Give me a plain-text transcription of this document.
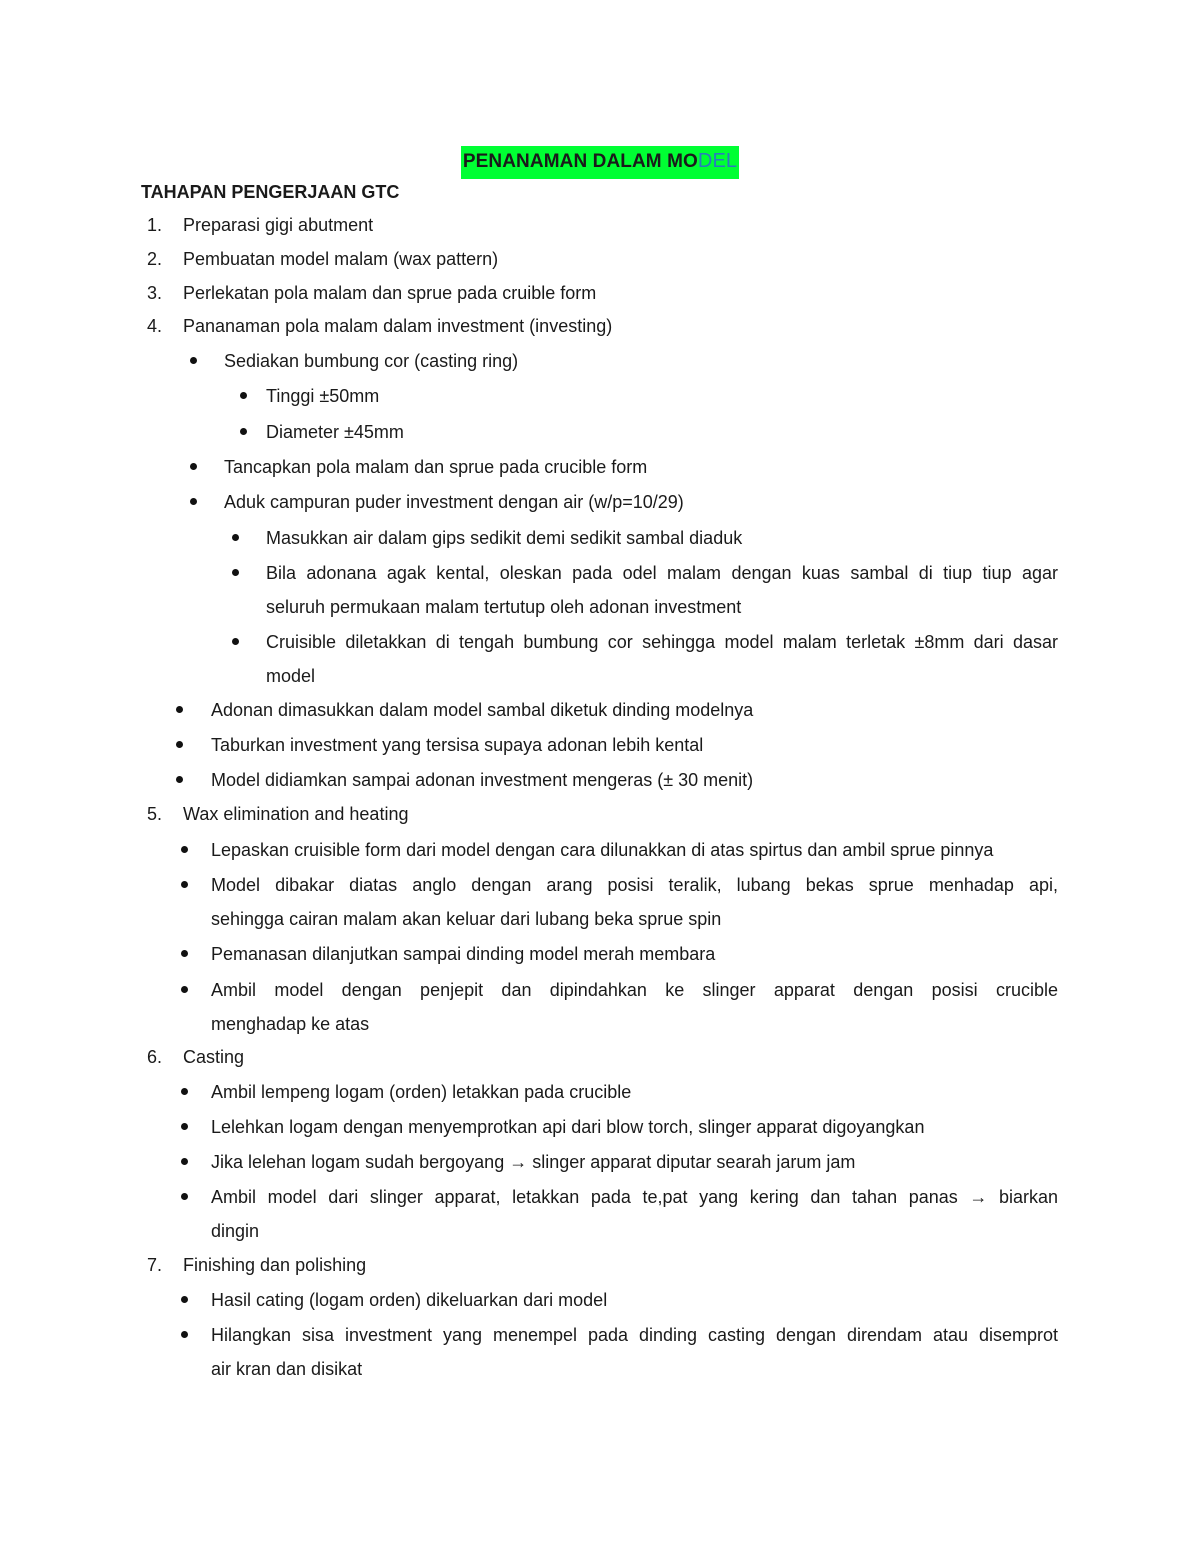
PENANAMAN DALAM MODEL
TAHAPAN PENGERJAAN GTC
1. Preparasi gigi abutment
2. Pembuatan model malam (wax pattern)
3. Perlekatan pola malam dan sprue pada cruible form
4. Pananaman pola malam dalam investment (investing)
Sediakan bumbung cor (casting ring)
Tinggi ±50mm
Diameter ±45mm
Tancapkan pola malam dan sprue pada crucible form
Aduk campuran puder investment dengan air (w/p=10/29)
Masukkan air dalam gips sedikit demi sedikit sambal diaduk
Bila adonana agak kental, oleskan pada odel malam dengan kuas sambal di tiup tiup agar
seluruh permukaan malam tertutup oleh adonan investment
Cruisible diletakkan di tengah bumbung cor sehingga model malam terletak ±8mm dari dasar
model
Adonan dimasukkan dalam model sambal diketuk dinding modelnya
Taburkan investment yang tersisa supaya adonan lebih kental
Model didiamkan sampai adonan investment mengeras (± 30 menit)
5. Wax elimination and heating
Lepaskan cruisible form dari model dengan cara dilunakkan di atas spirtus dan ambil sprue pinnya
Model dibakar diatas anglo dengan arang posisi teralik, lubang bekas sprue menhadap api,
sehingga cairan malam akan keluar dari lubang beka sprue spin
Pemanasan dilanjutkan sampai dinding model merah membara
Ambil model dengan penjepit dan dipindahkan ke slinger apparat dengan posisi crucible
menghadap ke atas
6. Casting
Ambil lempeng logam (orden) letakkan pada crucible
Lelehkan logam dengan menyemprotkan api dari blow torch, slinger apparat digoyangkan
Jika lelehan logam sudah bergoyang → slinger apparat diputar searah jarum jam
Ambil model dari slinger apparat, letakkan pada te,pat yang kering dan tahan panas → biarkan
dingin
7. Finishing dan polishing
Hasil cating (logam orden) dikeluarkan dari model
Hilangkan sisa investment yang menempel pada dinding casting dengan direndam atau disemprot
air kran dan disikat
